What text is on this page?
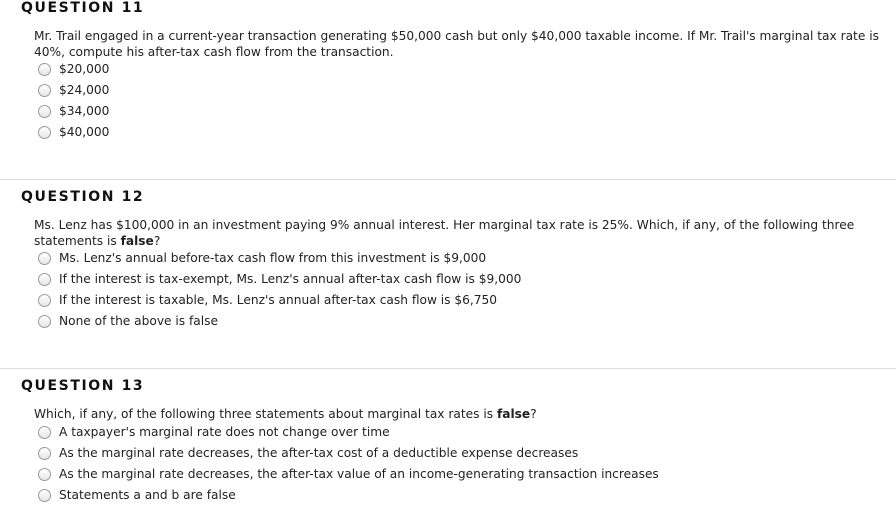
QUESTION 11

Mr. Trail engaged in a current-year transaction generating $50,000 cash but only $40,000 taxable income. If Mr. Trail's marginal tax rate is 40%, compute his after-tax cash flow from the transaction.

$20,000
$24,000
$34,000
$40,000
QUESTION 12

Ms. Lenz has $100,000 in an investment paying 9% annual interest. Her marginal tax rate is 25%. Which, if any, of the following three statements is false?

Ms. Lenz's annual before-tax cash flow from this investment is $9,000
If the interest is tax-exempt, Ms. Lenz's annual after-tax cash flow is $9,000
If the interest is taxable, Ms. Lenz's annual after-tax cash flow is $6,750
None of the above is false
QUESTION 13

Which, if any, of the following three statements about marginal tax rates is false?

A taxpayer's marginal rate does not change over time
As the marginal rate decreases, the after-tax cost of a deductible expense decreases
As the marginal rate decreases, the after-tax value of an income-generating transaction increases
Statements a and b are false
